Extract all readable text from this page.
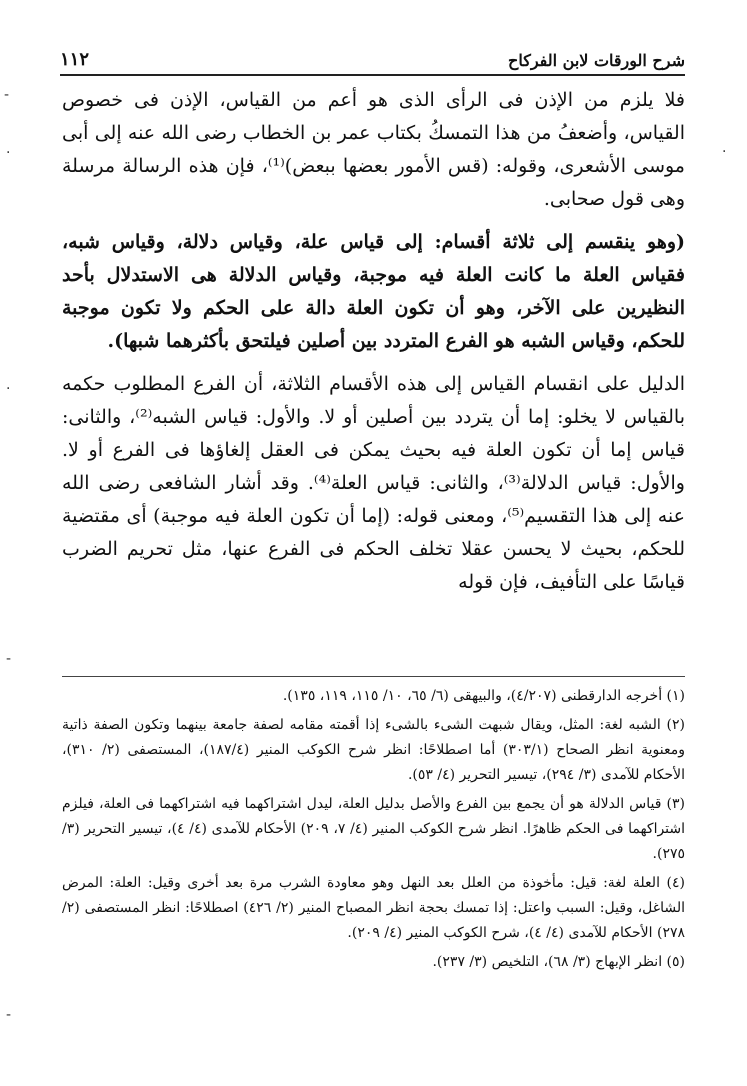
١١٢	شرح الورقات لابن الفركاح
-
·
·
·
-
-

فلا يلزم من الإذن فى الرأى الذى هو أعم من القياس، الإذن فى خصوص القياس، وأضعفُ من هذا التمسكُ بكتاب عمر بن الخطاب رضى الله عنه إلى أبى موسى الأشعرى، وقوله: (قس الأمور بعضها ببعض)⁽¹⁾، فإن هذه الرسالة مرسلة وهى قول صحابى.

(وهو ينقسم إلى ثلاثة أقسام: إلى قياس علة، وقياس دلالة، وقياس شبه، فقياس العلة ما كانت العلة فيه موجبة، وقياس الدلالة هى الاستدلال بأحد النظيرين على الآخر، وهو أن تكون العلة دالة على الحكم ولا تكون موجبة للحكم، وقياس الشبه هو الفرع المتردد بين أصلين فيلتحق بأكثرهما شبها).

الدليل على انقسام القياس إلى هذه الأقسام الثلاثة، أن الفرع المطلوب حكمه بالقياس لا يخلو: إما أن يتردد بين أصلين أو لا. والأول: قياس الشبه⁽²⁾، والثانى: قياس إما أن تكون العلة فيه بحيث يمكن فى العقل إلغاؤها فى الفرع أو لا. والأول: قياس الدلالة⁽³⁾، والثانى: قياس العلة⁽⁴⁾. وقد أشار الشافعى رضى الله عنه إلى هذا التقسيم⁽⁵⁾، ومعنى قوله: (إما أن تكون العلة فيه موجبة) أى مقتضية للحكم، بحيث لا يحسن عقلا تخلف الحكم فى الفرع عنها، مثل تحريم الضرب قياسًا على التأفيف، فإن قوله

(١) أخرجه الدارقطنى (٤/٢٠٧)، والبيهقى (٦/ ٦٥، ١٠/ ١١٥، ١١٩، ١٣٥).

(٢) الشبه لغة: المثل، ويقال شبهت الشىء بالشىء إذا أقمته مقامه لصفة جامعة بينهما وتكون الصفة ذاتية ومعنوية انظر الصحاح (٣٠٣/١) أما اصطلاحًا: انظر شرح الكوكب المنير (١٨٧/٤)، المستصفى (٢/ ٣١٠)، الأحكام للآمدى (٣/ ٢٩٤)، تيسير التحرير (٤/ ٥٣).

(٣) قياس الدلالة هو أن يجمع بين الفرع والأصل بدليل العلة، ليدل اشتراكهما فيه اشتراكهما فى العلة، فيلزم اشتراكهما فى الحكم ظاهرًا. انظر شرح الكوكب المنير (٤/ ٧، ٢٠٩) الأحكام للآمدى (٤/ ٤)، تيسير التحرير (٣/ ٢٧٥).

(٤) العلة لغة: قيل: مأخوذة من العلل بعد النهل وهو معاودة الشرب مرة بعد أخرى وقيل: العلة: المرض الشاغل، وقيل: السبب واعتل: إذا تمسك بحجة انظر المصباح المنير (٢/ ٤٢٦) اصطلاحًا: انظر المستصفى (٢/ ٢٧٨) الأحكام للآمدى (٤/ ٤)، شرح الكوكب المنير (٤/ ٢٠٩).

(٥) انظر الإبهاج (٣/ ٦٨)، التلخيص (٣/ ٢٣٧).
